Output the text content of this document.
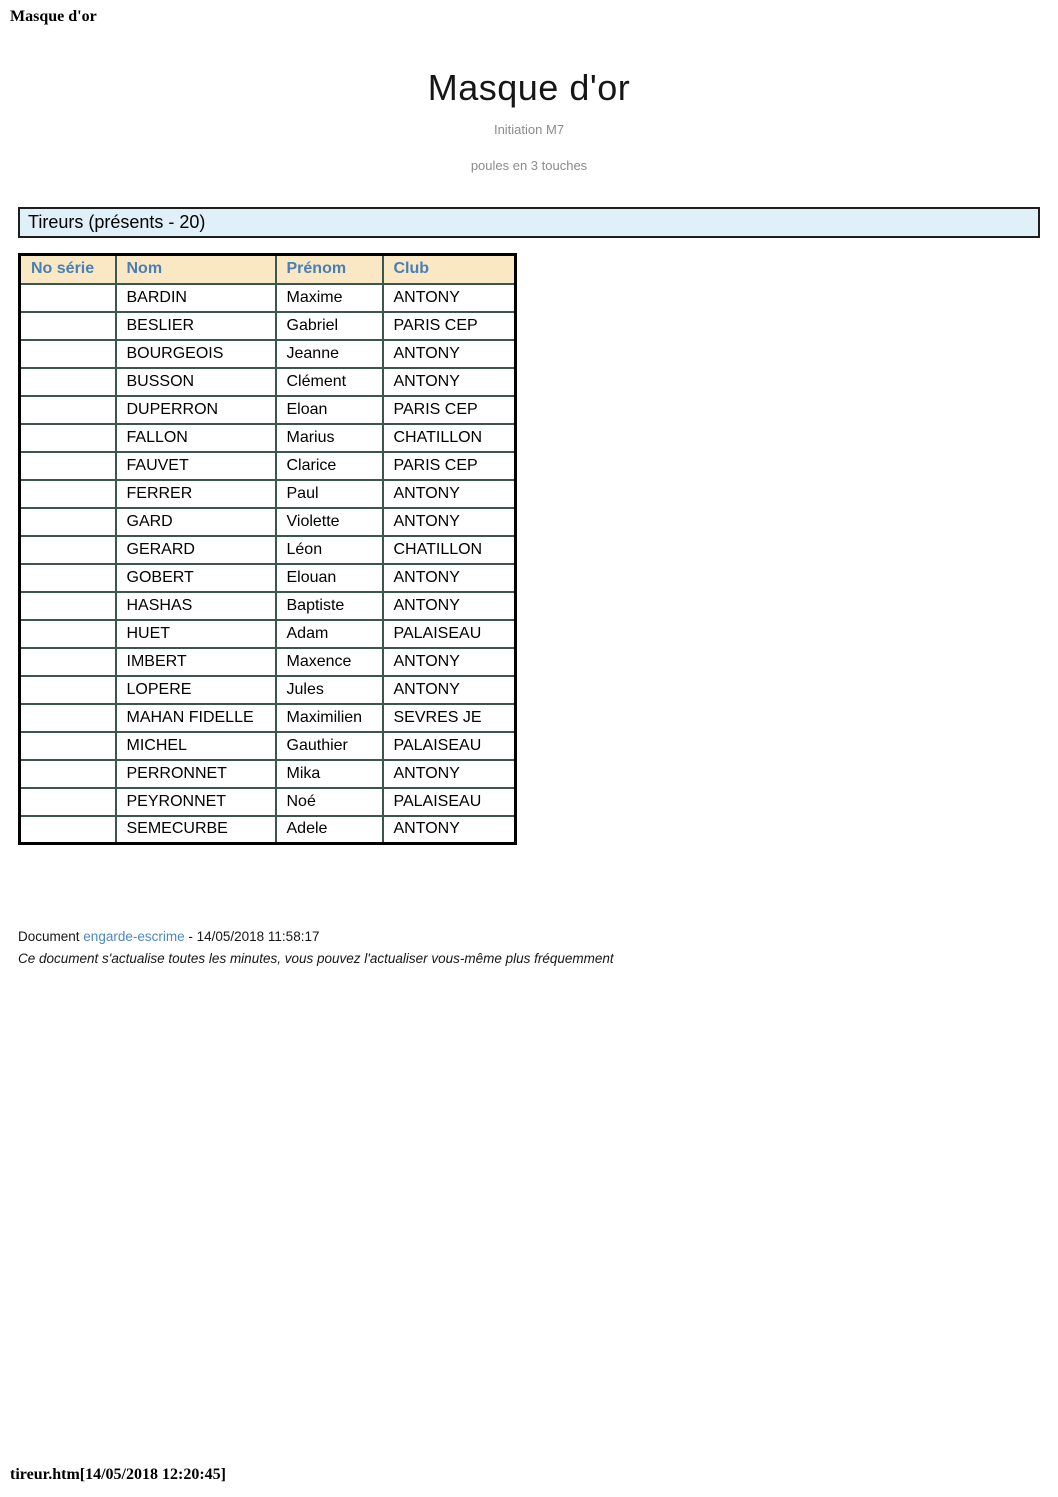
Masque d'or
Masque d'or
Initiation M7
poules en 3 touches
Tireurs (présents - 20)
No série	Nom	Prénom	Club
	BARDIN	Maxime	ANTONY
	BESLIER	Gabriel	PARIS CEP
	BOURGEOIS	Jeanne	ANTONY
	BUSSON	Clément	ANTONY
	DUPERRON	Eloan	PARIS CEP
	FALLON	Marius	CHATILLON
	FAUVET	Clarice	PARIS CEP
	FERRER	Paul	ANTONY
	GARD	Violette	ANTONY
	GERARD	Léon	CHATILLON
	GOBERT	Elouan	ANTONY
	HASHAS	Baptiste	ANTONY
	HUET	Adam	PALAISEAU
	IMBERT	Maxence	ANTONY
	LOPERE	Jules	ANTONY
	MAHAN FIDELLE	Maximilien	SEVRES JE
	MICHEL	Gauthier	PALAISEAU
	PERRONNET	Mika	ANTONY
	PEYRONNET	Noé	PALAISEAU
	SEMECURBE	Adele	ANTONY
Document engarde-escrime - 14/05/2018 11:58:17
Ce document s'actualise toutes les minutes, vous pouvez l'actualiser vous-même plus fréquemment
tireur.htm[14/05/2018 12:20:45]
